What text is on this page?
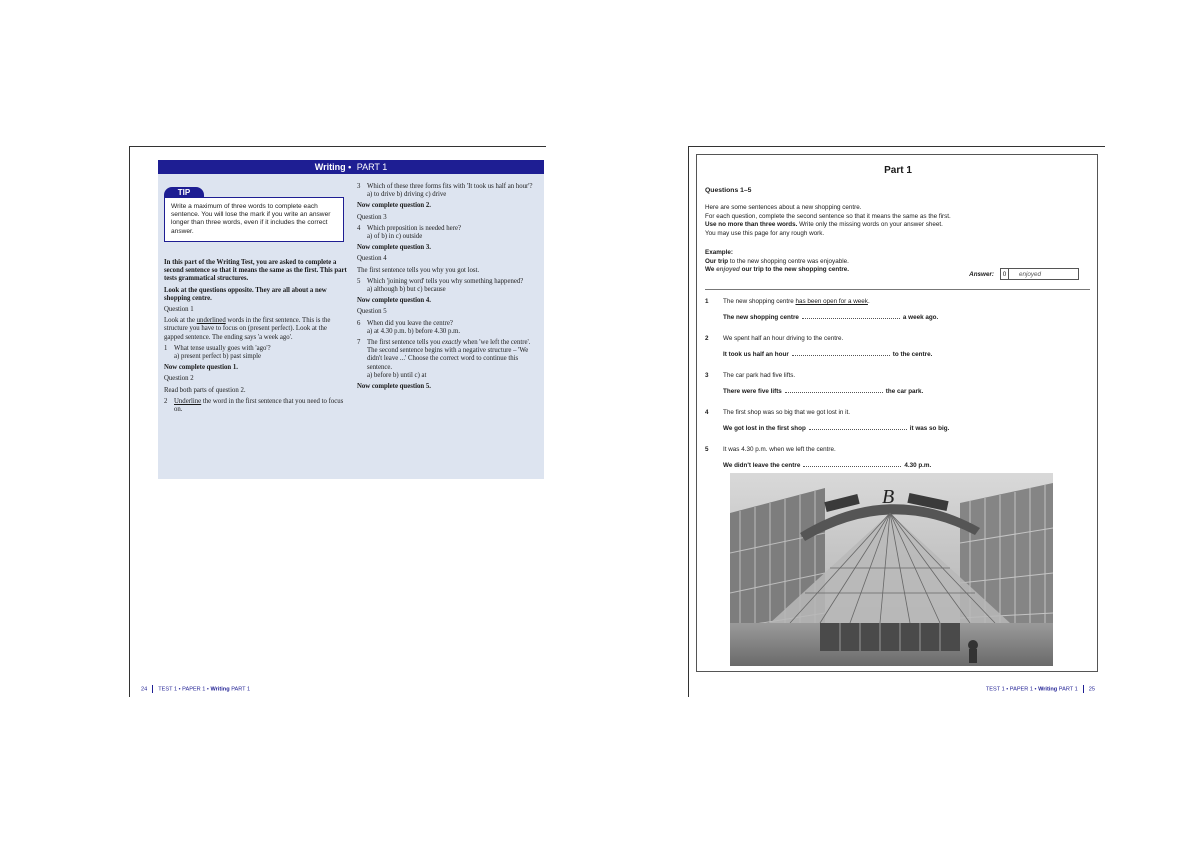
Writing • PART 1
TIP
Write a maximum of three words to complete each sentence. You will lose the mark if you write an answer longer than three words, even if it includes the correct answer.

In this part of the Writing Test, you are asked to complete a second sentence so that it means the same as the first. This part tests grammatical structures.

Look at the questions opposite. They are all about a new shopping centre.

Question 1

Look at the underlined words in the first sentence. This is the structure you have to focus on (present perfect). Look at the gapped sentence. The ending says 'a week ago'.

1 What tense usually goes with 'ago'?

a) present perfect b) past simple

Now complete question 1.

Question 2

Read both parts of question 2.

2 Underline the word in the first sentence that you need to focus on.
3 Which of these three forms fits with 'It took us half an hour'?

a) to drive b) driving c) drive

Now complete question 2.

Question 3

4 Which preposition is needed here?

a) of b) in c) outside

Now complete question 3.

Question 4

The first sentence tells you why you got lost.

5 Which 'joining word' tells you why something happened?

a) although b) but c) because

Now complete question 4.

Question 5

6 When did you leave the centre?

a) at 4.30 p.m. b) before 4.30 p.m.

7 The first sentence tells you exactly when 'we left the centre'. The second sentence begins with a negative structure – 'We didn't leave ...' Choose the correct word to continue this sentence.

a) before b) until c) at

Now complete question 5.

24 TEST 1 • PAPER 1 • Writing PART 1
Part 1
Questions 1–5
Here are some sentences about a new shopping centre.
For each question, complete the second sentence so that it means the same as the first.
Use no more than three words. Write only the missing words on your answer sheet.
You may use this page for any rough work.
Example:
Our trip to the new shopping centre was enjoyable.
We enjoyed our trip to the new shopping centre.
Answer:	0	enjoyed
1 The new shopping centre has been open for a week.
The new shopping centre	a week ago.
2 We spent half an hour driving to the centre.
It took us half an hour	to the centre.
3 The car park had five lifts.
There were five lifts	the car park.
4 The first shop was so big that we got lost in it.
We got lost in the first shop	it was so big.
5 It was 4.30 p.m. when we left the centre.
We didn't leave the centre	4.30 p.m.
B
TEST 1 • PAPER 1 • Writing PART 1 25
